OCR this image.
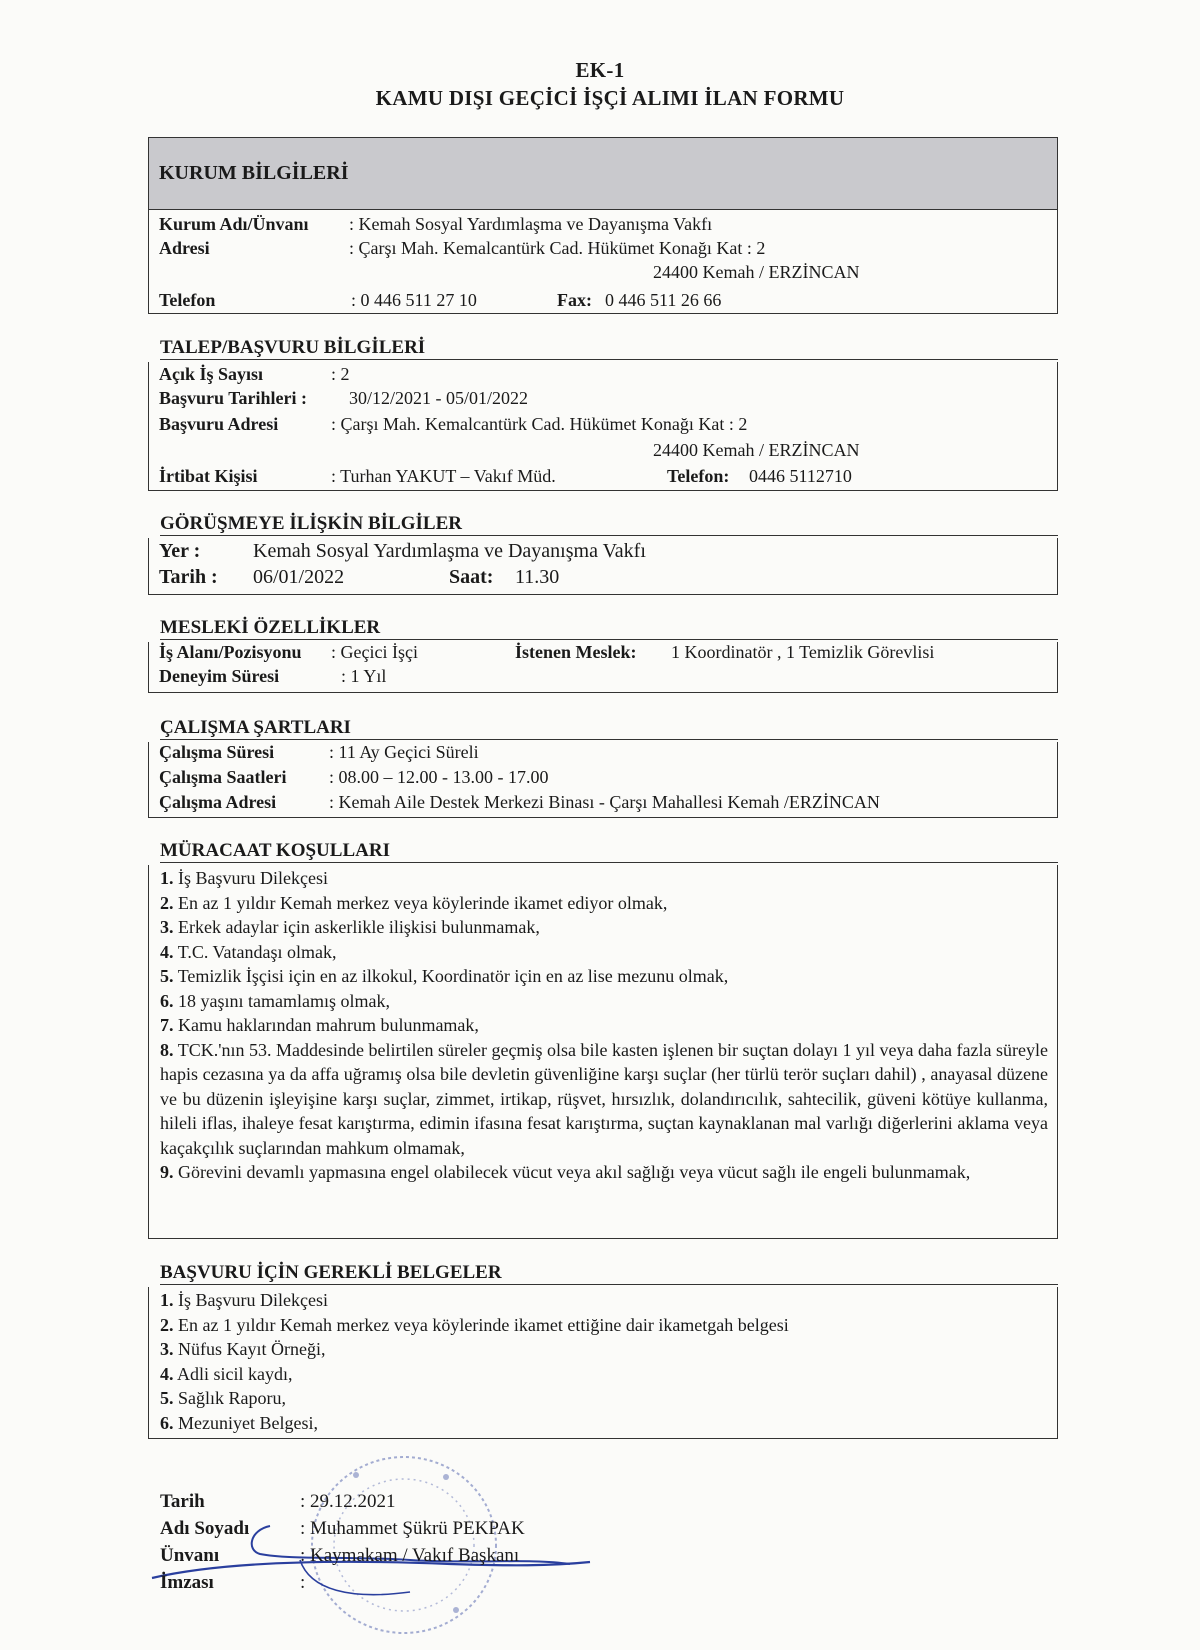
EK-1
KAMU DIŞI GEÇİCİ İŞÇİ ALIMI İLAN FORMU
KURUM BİLGİLERİ
Kurum Adı/Ünvanı : Kemah Sosyal Yardımlaşma ve Dayanışma Vakfı
Adresi	: Çarşı Mah. Kemalcantürk Cad. Hükümet Konağı Kat : 2
24400 Kemah / ERZİNCAN
Telefon	: 0 446 511 27 10	Fax: 0 446 511 26 66
TALEP/BAŞVURU BİLGİLERİ
Açık İş Sayısı	: 2
Başvuru Tarihleri : 30/12/2021 - 05/01/2022
Başvuru Adresi	: Çarşı Mah. Kemalcantürk Cad. Hükümet Konağı Kat : 2
24400 Kemah / ERZİNCAN
İrtibat Kişisi	: Turhan YAKUT – Vakıf Müd.	Telefon: 0446 5112710
GÖRÜŞMEYE İLİŞKİN BİLGİLER
Yer :	Kemah Sosyal Yardımlaşma ve Dayanışma Vakfı
Tarih : 06/01/2022	Saat: 11.30
MESLEKİ ÖZELLİKLER
İş Alanı/Pozisyonu : Geçici İşçi	İstenen Meslek: 1 Koordinatör , 1 Temizlik Görevlisi
Deneyim Süresi	: 1 Yıl
ÇALIŞMA ŞARTLARI
Çalışma Süresi	: 11 Ay Geçici Süreli
Çalışma Saatleri : 08.00 – 12.00 - 13.00 - 17.00
Çalışma Adresi	: Kemah Aile Destek Merkezi Binası - Çarşı Mahallesi Kemah /ERZİNCAN
MÜRACAAT KOŞULLARI
1. İş Başvuru Dilekçesi
2. En az 1 yıldır Kemah merkez veya köylerinde ikamet ediyor olmak,
3. Erkek adaylar için askerlikle ilişkisi bulunmamak,
4. T.C. Vatandaşı olmak,
5. Temizlik İşçisi için en az ilkokul, Koordinatör için en az lise mezunu olmak,
6. 18 yaşını tamamlamış olmak,
7. Kamu haklarından mahrum bulunmamak,
8. TCK.'nın 53. Maddesinde belirtilen süreler geçmiş olsa bile kasten işlenen bir suçtan dolayı 1 yıl veya daha fazla süreyle hapis cezasına ya da affa uğramış olsa bile devletin güvenliğine karşı suçlar (her türlü terör suçları dahil) , anayasal düzene ve bu düzenin işleyişine karşı suçlar, zimmet, irtikap, rüşvet, hırsızlık, dolandırıcılık, sahtecilik, güveni kötüye kullanma, hileli iflas, ihaleye fesat karıştırma, edimin ifasına fesat karıştırma, suçtan kaynaklanan mal varlığı diğerlerini aklama veya kaçakçılık suçlarından mahkum olmamak,
9. Görevini devamlı yapmasına engel olabilecek vücut veya akıl sağlığı veya vücut sağlı ile engeli bulunmamak,
BAŞVURU İÇİN GEREKLİ BELGELER
1. İş Başvuru Dilekçesi
2. En az 1 yıldır Kemah merkez veya köylerinde ikamet ettiğine dair ikametgah belgesi
3. Nüfus Kayıt Örneği,
4. Adli sicil kaydı,
5. Sağlık Raporu,
6. Mezuniyet Belgesi,
Tarih	: 29.12.2021
Adı Soyadı	: Muhammet Şükrü PEKPAK
Ünvanı	: Kaymakam / Vakıf Başkanı
İmzası	:
